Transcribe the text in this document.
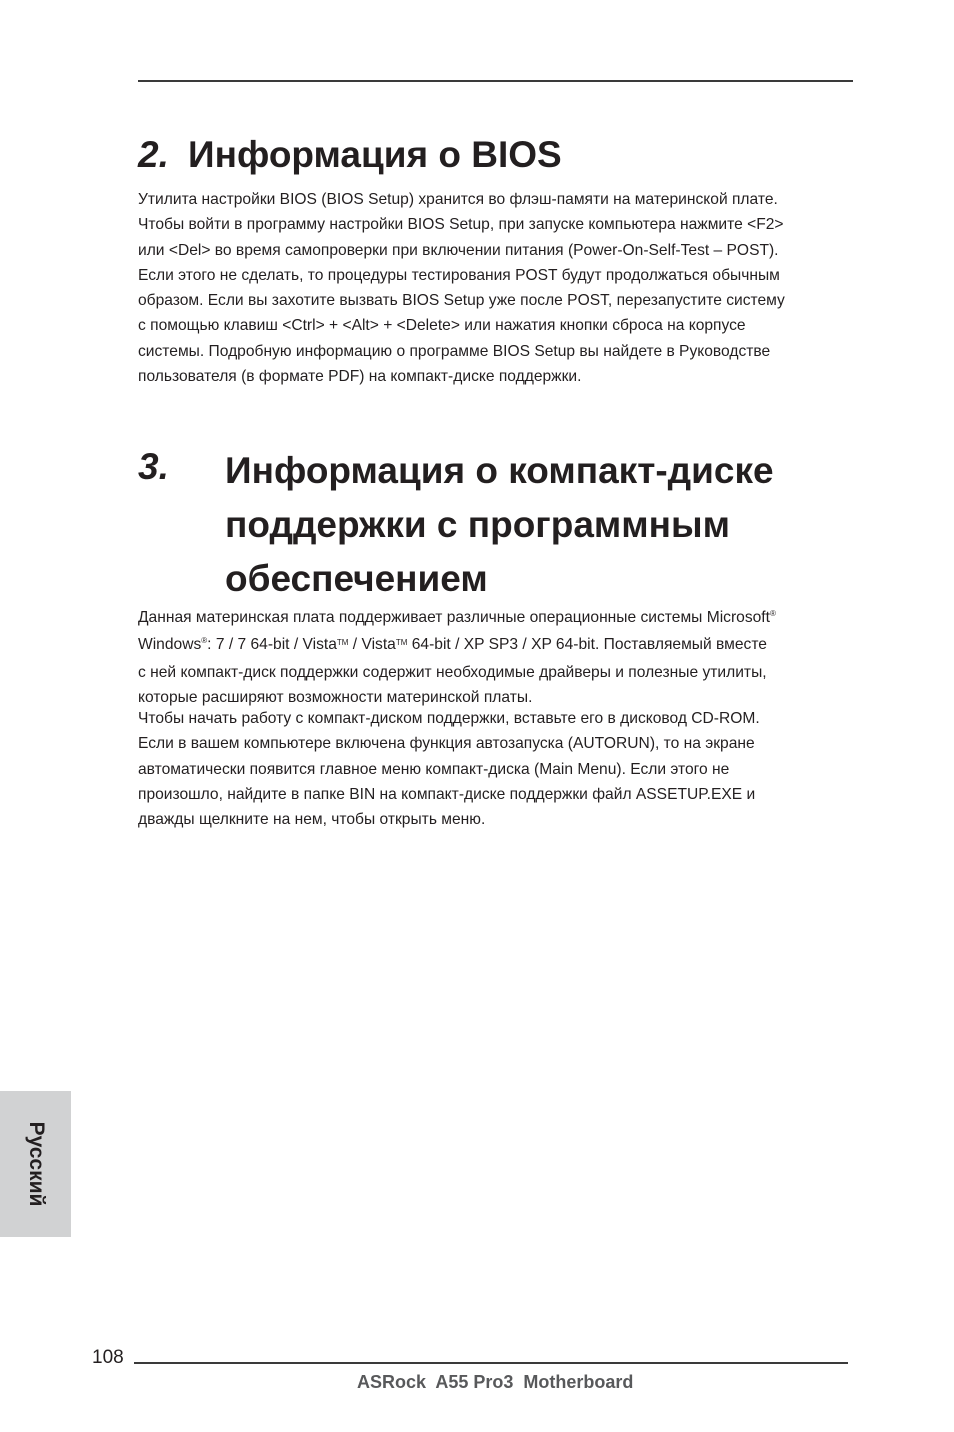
2. Информация о BIOS

Утилита настройки BIOS (BIOS Setup) хранится во флэш-памяти на материнской плате.
Чтобы войти в программу настройки BIOS Setup, при запуске компьютера нажмите <F2>
или <Del> во время самопроверки при включении питания (Power-On-Self-Test – POST).
Если этого не сделать, то процедуры тестирования POST будут продолжаться обычным
образом. Если вы захотите вызвать BIOS Setup уже после POST, перезапустите систему
с помощью клавиш <Ctrl> + <Alt> + <Delete> или нажатия кнопки сброса на корпусе
системы. Подробную информацию о программе BIOS Setup вы найдете в Руководстве
пользователя (в формате PDF) на компакт-диске поддержки.

3. Информация о компакт-диске
поддержки с программным
обеспечением

Данная материнская плата поддерживает различные операционные системы Microsoft®
Windows®: 7 / 7 64-bit / Vista™ / Vista™ 64-bit / XP SP3 / XP 64-bit. Поставляемый вместе
с ней компакт-диск поддержки содержит необходимые драйверы и полезные утилиты,
которые расширяют возможности материнской платы.

Чтобы начать работу с компакт-диском поддержки, вставьте его в дисковод CD-ROM.
Если в вашем компьютере включена функция автозапуска (AUTORUN), то на экране
автоматически появится главное меню компакт-диска (Main Menu). Если этого не
произошло, найдите в папке BIN на компакт-диске поддержки файл ASSETUP.EXE и
дважды щелкните на нем, чтобы открыть меню.

Русский
108
ASRock  A55 Pro3  Motherboard
